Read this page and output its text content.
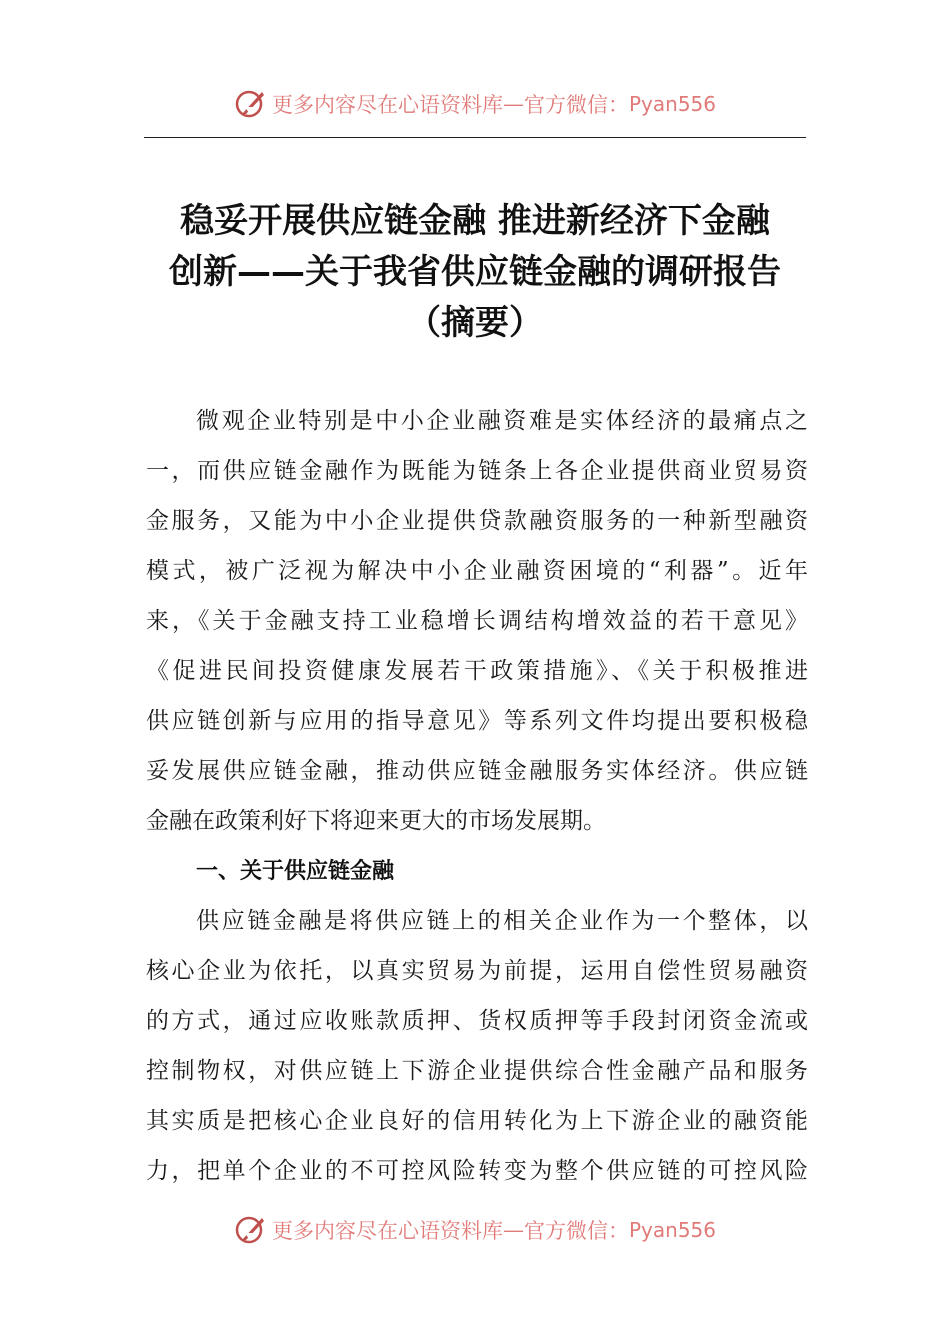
更多内容尽在心语资料库 — 官方微信： Pyan556
稳妥开展供应链金融 推进新经济下金融
创新——关于我省供应链金融的调研报告
（摘要）
微观企业特别是中小企业融资难是实体经济的最痛点之
一，而供应链金融作为既能为链条上各企业提供商业贸易资
金服务，又能为中小企业提供贷款融资服务的一种新型融资
模式，被广泛视为解决中小企业融资困境的“利器”。近年
来，《关于金融支持工业稳增长调结构增效益的若干意见》
《促进民间投资健康发展若干政策措施》、《关于积极推进
供应链创新与应用的指导意见》等系列文件均提出要积极稳
妥发展供应链金融，推动供应链金融服务实体经济。供应链
金融在政策利好下将迎来更大的市场发展期。
一、关于供应链金融
供应链金融是将供应链上的相关企业作为一个整体，以
核心企业为依托，以真实贸易为前提，运用自偿性贸易融资
的方式，通过应收账款质押、货权质押等手段封闭资金流或
控制物权，对供应链上下游企业提供综合性金融产品和服务
其实质是把核心企业良好的信用转化为上下游企业的融资能
力，把单个企业的不可控风险转变为整个供应链的可控风险
更多内容尽在心语资料库 — 官方微信： Pyan556
